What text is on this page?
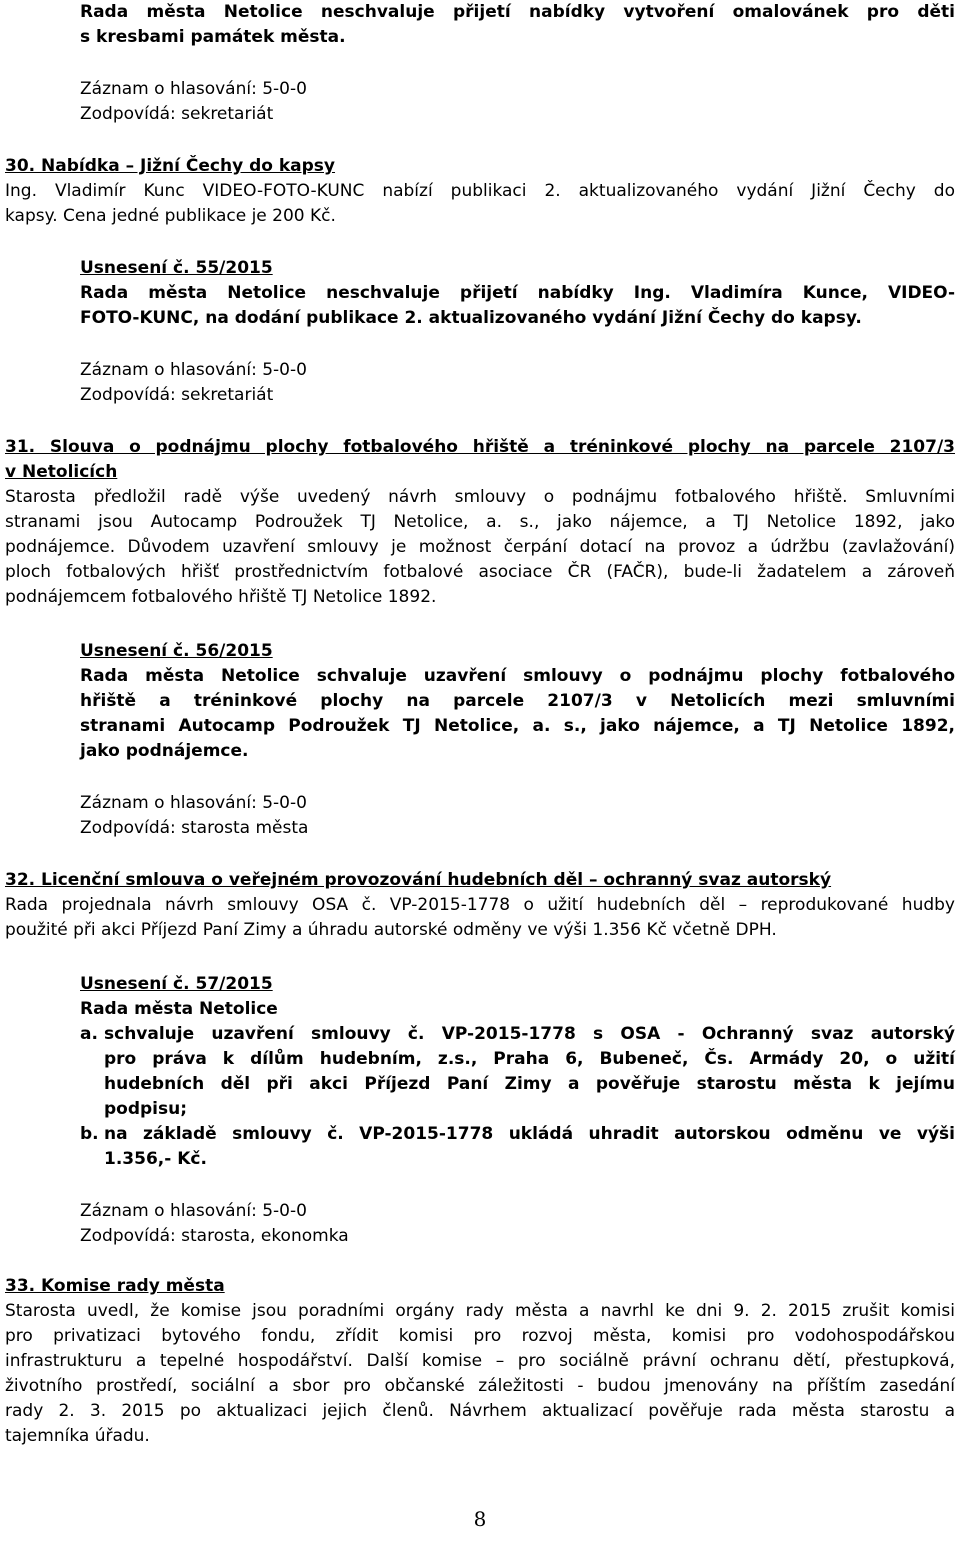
Rada města Netolice neschvaluje přijetí nabídky vytvoření omalovánek pro děti
s kresbami památek města.
Záznam o hlasování: 5-0-0
Zodpovídá: sekretariát
30. Nabídka – Jižní Čechy do kapsy
Ing. Vladimír Kunc VIDEO-FOTO-KUNC nabízí publikaci 2. aktualizovaného vydání Jižní Čechy do
kapsy. Cena jedné publikace je 200 Kč.
Usnesení č. 55/2015
Rada města Netolice neschvaluje přijetí nabídky Ing. Vladimíra Kunce, VIDEO-
FOTO-KUNC, na dodání publikace 2. aktualizovaného vydání Jižní Čechy do kapsy.
Záznam o hlasování: 5-0-0
Zodpovídá: sekretariát
31. Slouva o podnájmu plochy fotbalového hřiště a tréninkové plochy na parcele 2107/3
v Netolicích
Starosta předložil radě výše uvedený návrh smlouvy o podnájmu fotbalového hřiště. Smluvními
stranami jsou Autocamp Podroužek TJ Netolice, a. s., jako nájemce, a TJ Netolice 1892, jako
podnájemce. Důvodem uzavření smlouvy je možnost čerpání dotací na provoz a údržbu (zavlažování)
ploch fotbalových hřišť prostřednictvím fotbalové asociace ČR (FAČR), bude-li žadatelem a zároveň
podnájemcem fotbalového hřiště TJ Netolice 1892.
Usnesení č. 56/2015
Rada města Netolice schvaluje uzavření smlouvy o podnájmu plochy fotbalového
hřiště a tréninkové plochy na parcele 2107/3 v Netolicích mezi smluvními
stranami Autocamp Podroužek TJ Netolice, a. s., jako nájemce, a TJ Netolice 1892,
jako podnájemce.
Záznam o hlasování: 5-0-0
Zodpovídá: starosta města
32. Licenční smlouva o veřejném provozování hudebních děl – ochranný svaz autorský
Rada projednala návrh smlouvy OSA č. VP-2015-1778 o užití hudebních děl – reprodukované hudby
použité při akci Příjezd Paní Zimy a úhradu autorské odměny ve výši 1.356 Kč včetně DPH.
Usnesení č. 57/2015
Rada města Netolice
a. schvaluje uzavření smlouvy č. VP-2015-1778 s OSA - Ochranný svaz autorský
pro práva k dílům hudebním, z.s., Praha 6, Bubeneč, Čs. Armády 20, o užití
hudebních děl při akci Příjezd Paní Zimy a pověřuje starostu města k jejímu
podpisu;
b. na základě smlouvy č. VP-2015-1778 ukládá uhradit autorskou odměnu ve výši
1.356,- Kč.
Záznam o hlasování: 5-0-0
Zodpovídá: starosta, ekonomka
33. Komise rady města
Starosta uvedl, že komise jsou poradními orgány rady města a navrhl ke dni 9. 2. 2015 zrušit komisi
pro privatizaci bytového fondu, zřídit komisi pro rozvoj města, komisi pro vodohospodářskou
infrastrukturu a tepelné hospodářství. Další komise – pro sociálně právní ochranu dětí, přestupková,
životního prostředí, sociální a sbor pro občanské záležitosti - budou jmenovány na příštím zasedání
rady 2. 3. 2015 po aktualizaci jejich členů. Návrhem aktualizací pověřuje rada města starostu a
tajemníka úřadu.
8
